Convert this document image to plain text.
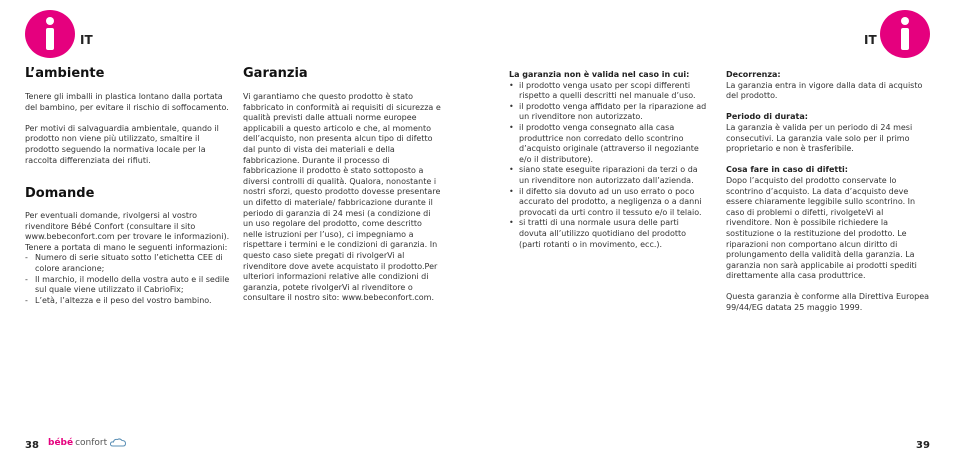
IT
L’ambiente

Tenere gli imballi in plastica lontano dalla portata del bambino, per evitare il rischio di soffocamento.

Per motivi di salvaguardia ambientale, quando il prodotto non viene più utilizzato, smaltire il prodotto seguendo la normativa locale per la raccolta differenziata dei rifiuti.

Domande

Per eventuali domande, rivolgersi al vostro rivenditore Bébé Confort (consultare il sito www.bebeconfort.com per trovare le informazioni). Tenere a portata di mano le seguenti informazioni:

- Numero di serie situato sotto l’etichetta CEE di colore arancione;
- Il marchio, il modello della vostra auto e il sedile sul quale viene utilizzato il CabrioFix;
- L’età, l’altezza e il peso del vostro bambino.
Garanzia

Vi garantiamo che questo prodotto è stato fabbricato in conformità ai requisiti di sicurezza e qualità previsti dalle attuali norme europee applicabili a questo articolo e che, al momento dell’acquisto, non presenta alcun tipo di difetto dal punto di vista dei materiali e della fabbricazione. Durante il processo di fabbricazione il prodotto è stato sottoposto a diversi controlli di qualità. Qualora, nonostante i nostri sforzi, questo prodotto dovesse presentare un difetto di materiale/ fabbricazione durante il periodo di garanzia di 24 mesi (a condizione di un uso regolare del prodotto, come descritto nelle istruzioni per l’uso), ci impegniamo a rispettare i termini e le condizioni di garanzia. In questo caso siete pregati di rivolgerVi al rivenditore dove avete acquistato il prodotto.Per ulteriori informazioni relative alle condizioni di garanzia, potete rivolgerVi al rivenditore o consultare il nostro sito: www.bebeconfort.com.

38 bébé confort
IT

La garanzia non è valida nel caso in cui:

• il prodotto venga usato per scopi differenti rispetto a quelli descritti nel manuale d’uso.
• il prodotto venga affidato per la riparazione ad un rivenditore non autorizzato.
• il prodotto venga consegnato alla casa produttrice non corredato dello scontrino d’acquisto originale (attraverso il negoziante e/o il distributore).
• siano state eseguite riparazioni da terzi o da un rivenditore non autorizzato dall’azienda.
• il difetto sia dovuto ad un uso errato o poco accurato del prodotto, a negligenza o a danni provocati da urti contro il tessuto e/o il telaio.
• si tratti di una normale usura delle parti dovuta all’utilizzo quotidiano del prodotto (parti rotanti o in movimento, ecc.).

Decorrenza:

La garanzia entra in vigore dalla data di acquisto del prodotto.

Periodo di durata:

La garanzia è valida per un periodo di 24 mesi consecutivi. La garanzia vale solo per il primo proprietario e non è trasferibile.

Cosa fare in caso di difetti:

Dopo l’acquisto del prodotto conservate lo scontrino d’acquisto. La data d’acquisto deve essere chiaramente leggibile sullo scontrino. In caso di problemi o difetti, rivolgeteVi al rivenditore. Non è possibile richiedere la sostituzione o la restituzione del prodotto. Le riparazioni non comportano alcun diritto di prolungamento della validità della garanzia. La garanzia non sarà applicabile ai prodotti spediti direttamente alla casa produttrice.

Questa garanzia è conforme alla Direttiva Europea 99/44/EG datata 25 maggio 1999.

39
